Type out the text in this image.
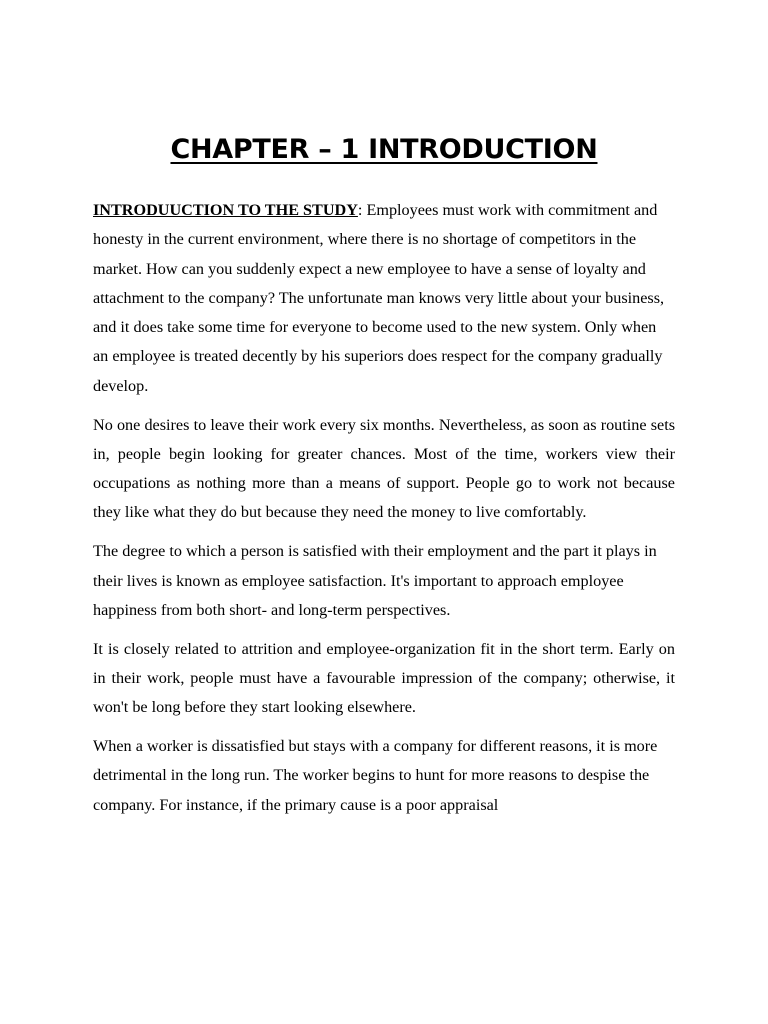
CHAPTER – 1 INTRODUCTION

INTRODUUCTION TO THE STUDY: Employees must work with commitment and honesty in the current environment, where there is no shortage of competitors in the market. How can you suddenly expect a new employee to have a sense of loyalty and attachment to the company? The unfortunate man knows very little about your business, and it does take some time for everyone to become used to the new system. Only when an employee is treated decently by his superiors does respect for the company gradually develop.

No one desires to leave their work every six months. Nevertheless, as soon as routine sets in, people begin looking for greater chances. Most of the time, workers view their occupations as nothing more than a means of support. People go to work not because they like what they do but because they need the money to live comfortably.

The degree to which a person is satisfied with their employment and the part it plays in their lives is known as employee satisfaction. It's important to approach employee happiness from both short- and long-term perspectives.

It is closely related to attrition and employee-organization fit in the short term. Early on in their work, people must have a favourable impression of the company; otherwise, it won't be long before they start looking elsewhere.

When a worker is dissatisfied but stays with a company for different reasons, it is more detrimental in the long run. The worker begins to hunt for more reasons to despise the company. For instance, if the primary cause is a poor appraisal
